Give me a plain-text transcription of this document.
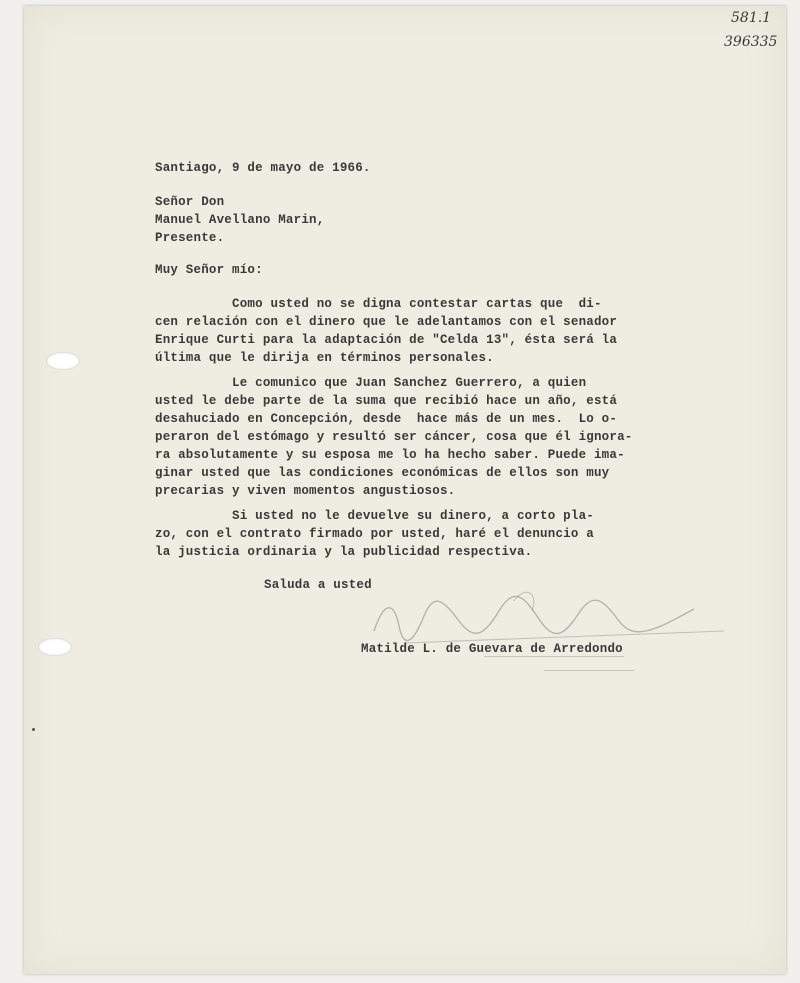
581.1
396335
Santiago, 9 de mayo de 1966.
Señor Don
Manuel Avellano Marin,
Presente.
Muy Señor mío:
Como usted no se digna contestar cartas que  di-
cen relación con el dinero que le adelantamos con el senador
Enrique Curti para la adaptación de "Celda 13", ésta será la
última que le dirija en términos personales.
Le comunico que Juan Sanchez Guerrero, a quien
usted le debe parte de la suma que recibió hace un año, está
desahuciado en Concepción, desde  hace más de un mes.  Lo o-
peraron del estómago y resultó ser cáncer, cosa que él ignora-
ra absolutamente y su esposa me lo ha hecho saber. Puede ima-
ginar usted que las condiciones económicas de ellos son muy
precarias y viven momentos angustiosos.
Si usted no le devuelve su dinero, a corto pla-
zo, con el contrato firmado por usted, haré el denuncio a
la justicia ordinaria y la publicidad respectiva.
Saluda a usted
Matilde L. de Guevara de Arredondo
